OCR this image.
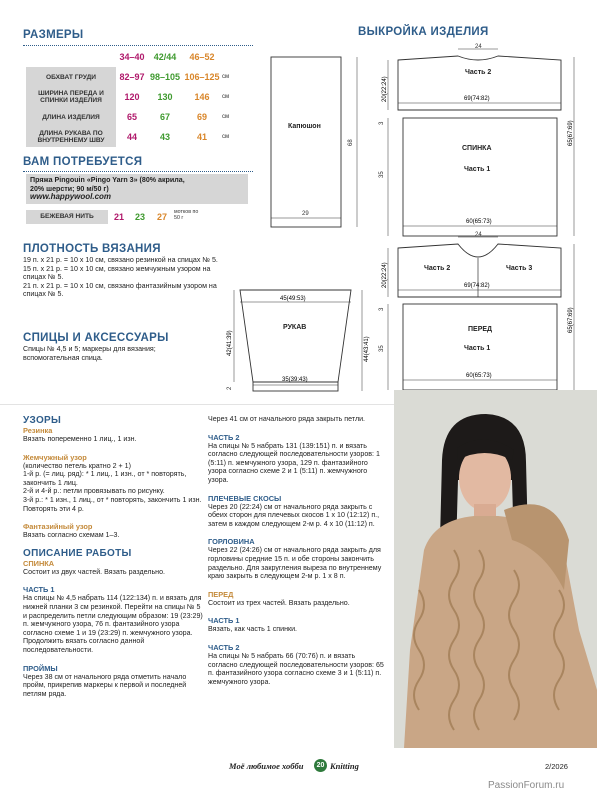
РАЗМЕРЫ
	34–40	42/44	46–52	
ОБХВАТ ГРУДИ	82–97	98–105	106–125	см
ШИРИНА ПЕРЕДА И СПИНКИ ИЗДЕЛИЯ	120	130	146	см
ДЛИНА ИЗДЕЛИЯ	65	67	69	см
ДЛИНА РУКАВА ПО ВНУТРЕННЕМУ ШВУ	44	43	41	см
ВАМ ПОТРЕБУЕТСЯ
Пряжа Pingouin «Pingo Yarn 3» (80% акрила,
20% шерсти; 90 м/50 г)
www.happywool.com
БЕЖЕВАЯ НИТЬ	21	23	27	мотков по 50 г
ПЛОТНОСТЬ ВЯЗАНИЯ
19 п. х 21 р. = 10 х 10 см, связано резинкой на спицах № 5.
15 п. х 21 р. = 10 х 10 см, связано жемчужным узором на спицах № 5.
21 п. х 21 р. = 10 х 10 см, связано фантазийным узором на спицах № 5.
СПИЦЫ И АКСЕССУАРЫ
Спицы № 4,5 и 5; маркеры для вязания; вспомогательная спица.
ВЫКРОЙКА ИЗДЕЛИЯ
Капюшон
68
29
24
Часть 2
69(74:82)
20(22:24)
3
СПИНКА
Часть 1
35
60(65:73)
65(67:69)
24
Часть 2	Часть 3
69(74:82)
20(22:24)
3
ПЕРЕД
Часть 1
35
60(65:73)
65(67:69)
45(49:53)
РУКАВ
35(39:43)
42(41:39)	44(43:41)
2
УЗОРЫ
Резинка
Вязать попеременно 1 лиц., 1 изн.
Жемчужный узор
(количество петель кратно 2 + 1)
1-й р. (= лиц. ряд): * 1 лиц., 1 изн., от * повторять, закончить 1 лиц.
2-й и 4-й р.: петли провязывать по рисунку.
3-й р.: * 1 изн., 1 лиц., от * повторять, закончить 1 изн.
Повторять эти 4 р.
Фантазийный узор
Вязать согласно схемам 1–3.
ОПИСАНИЕ РАБОТЫ
СПИНКА
Состоит из двух частей. Вязать раздельно.
ЧАСТЬ 1
На спицы № 4,5 набрать 114 (122:134) п. и вязать для нижней планки 3 см резинкой. Перейти на спицы № 5 и распределить петли следующим образом: 19 (23:29) п. жемчужного узора, 76 п. фантазийного узора согласно схеме 1 и 19 (23:29) п. жемчужного узора. Продолжить вязать согласно данной последовательности.
ПРОЙМЫ
Через 38 см от начального ряда отметить начало пройм, прикрепив маркеры к первой и последней петлям ряда.
Через 41 см от начального ряда закрыть петли.
ЧАСТЬ 2
На спицы № 5 набрать 131 (139:151) п. и вязать согласно следующей последовательности узоров: 1 (5:11) п. жемчужного узора, 129 п. фантазийного узора согласно схеме 2 и 1 (5:11) п. жемчужного узора.
ПЛЕЧЕВЫЕ СКОСЫ
Через 20 (22:24) см от начального ряда закрыть с обеих сторон для плечевых скосов 1 х 10 (12:12) п., затем в каждом следующем 2-м р. 4 х 10 (11:12) п.
ГОРЛОВИНА
Через 22 (24:26) см от начального ряда закрыть для горловины средние 15 п. и обе стороны закончить раздельно. Для закругления выреза по внутреннему краю закрыть в следующем 2-м р. 1 х 8 п.
ПЕРЕД
Состоит из трех частей. Вязать раздельно.
ЧАСТЬ 1
Вязать, как часть 1 спинки.
ЧАСТЬ 2
На спицы № 5 набрать 66 (70:76) п. и вязать согласно следующей последовательности узоров: 65 п. фантазийного узора согласно схеме 3 и 1 (5:11) п. жемчужного узора.
Моё любимое хобби	20 Knitting	2/2026
PassionForum.ru
